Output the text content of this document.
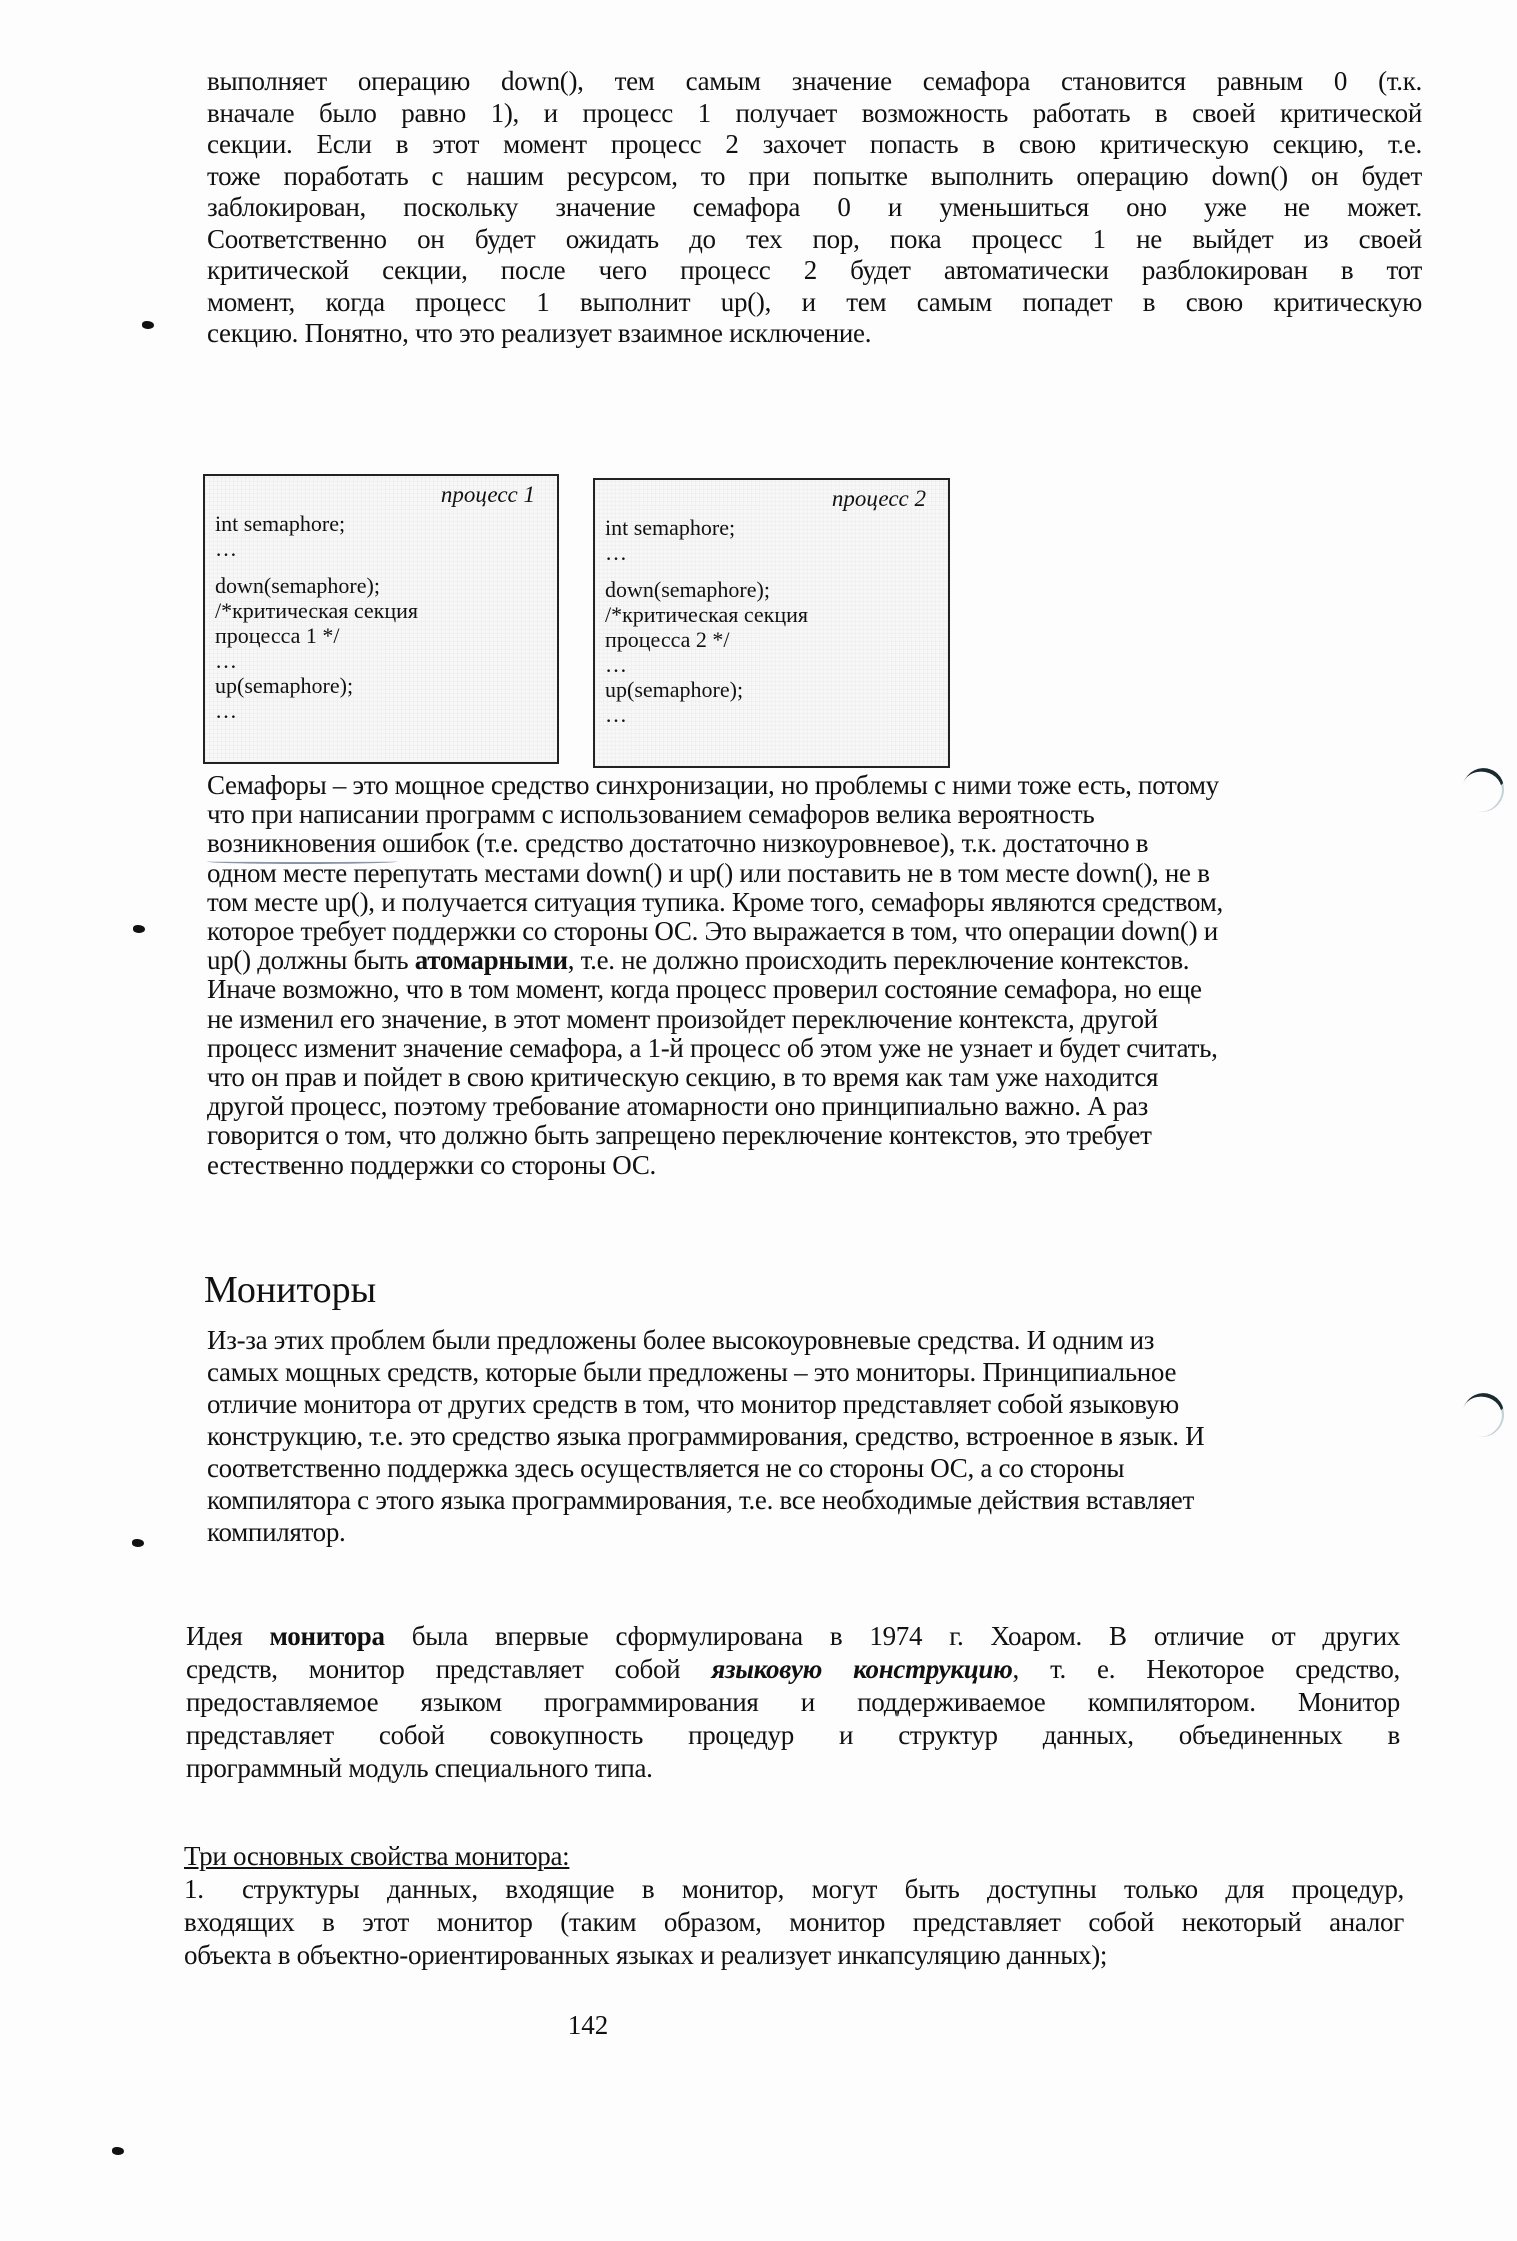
выполняет операцию down(), тем самым значение семафора становится равным 0 (т.к.
вначале было равно 1), и процесс 1 получает возможность работать в своей критической
секции. Если в этот момент процесс 2 захочет попасть в свою критическую секцию, т.е.
тоже поработать с нашим ресурсом, то при попытке выполнить операцию down() он будет
заблокирован, поскольку значение семафора 0 и уменьшиться оно уже не может.
Соответственно он будет ожидать до тех пор, пока процесс 1 не выйдет из своей
критической секции, после чего процесс 2 будет автоматически разблокирован в тот
момент, когда процесс 1 выполнит up(), и тем самым попадет в свою критическую
секцию. Понятно, что это реализует взаимное исключение.
процесс 1
int semaphore;
…
down(semaphore);
/*критическая секция
процесса 1 */
…
up(semaphore);
…
процесс 2
int semaphore;
…
down(semaphore);
/*критическая секция
процесса 2 */
…
up(semaphore);
…
Семафоры – это мощное средство синхронизации, но проблемы с ними тоже есть, потому
что при написании программ с использованием семафоров велика вероятность
возникновения ошибок (т.е. средство достаточно низкоуровневое), т.к. достаточно в
одном месте перепутать местами down() и up() или поставить не в том месте down(), не в
том месте up(), и получается ситуация тупика. Кроме того, семафоры являются средством,
которое требует поддержки со стороны ОС. Это выражается в том, что операции down() и
up() должны быть атомарными, т.е. не должно происходить переключение контекстов.
Иначе возможно, что в том момент, когда процесс проверил состояние семафора, но еще
не изменил его значение, в этот момент произойдет переключение контекста, другой
процесс изменит значение семафора, а 1-й процесс об этом уже не узнает и будет считать,
что он прав и пойдет в свою критическую секцию, в то время как там уже находится
другой процесс, поэтому требование атомарности оно принципиально важно. А раз
говорится о том, что должно быть запрещено переключение контекстов, это требует
естественно поддержки со стороны ОС.
Мониторы
Из-за этих проблем были предложены более высокоуровневые средства. И одним из
самых мощных средств, которые были предложены – это мониторы. Принципиальное
отличие монитора от других средств в том, что монитор представляет собой языковую
конструкцию, т.е. это средство языка программирования, средство, встроенное в язык. И
соответственно поддержка здесь осуществляется не со стороны ОС, а со стороны
компилятора с этого языка программирования, т.е. все необходимые действия вставляет
компилятор.
Идея монитора была впервые сформулирована в 1974 г. Хоаром. В отличие от других
средств, монитор представляет собой языковую конструкцию, т. е. Некоторое средство,
предоставляемое языком программирования и поддерживаемое компилятором. Монитор
представляет собой совокупность процедур и структур данных, объединенных в
программный модуль специального типа.
Три основных свойства монитора:
1. структуры данных, входящие в монитор, могут быть доступны только для процедур,
входящих в этот монитор (таким образом, монитор представляет собой некоторый аналог
объекта в объектно-ориентированных языках и реализует инкапсуляцию данных);
142
